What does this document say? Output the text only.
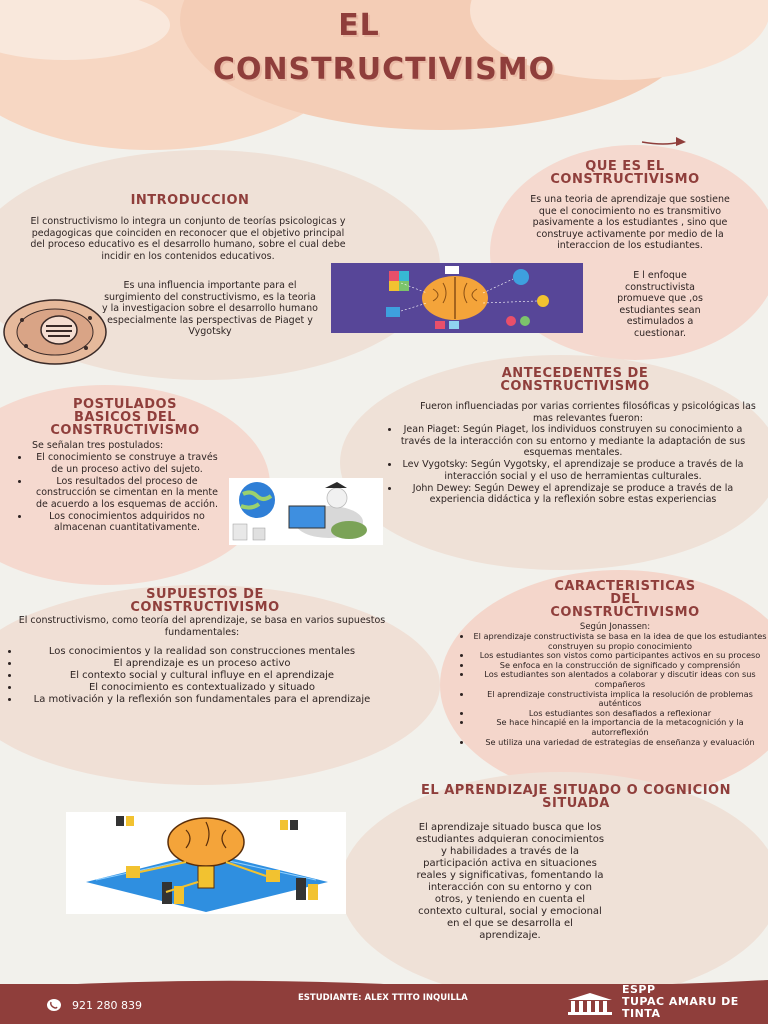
EL
CONSTRUCTIVISMO
INTRODUCCION
El constructivismo lo integra un conjunto de teorías psicologicas y pedagogicas que coinciden en reconocer que el objetivo principal del proceso educativo es el desarrollo humano, sobre el cual debe incidir en los contenidos educativos.
Es una influencia importante para el surgimiento del constructivismo, es la teoria y la investigacion sobre el desarrollo humano especialmente las perspectivas de Piaget y Vygotsky
QUE ES EL CONSTRUCTIVISMO
Es una teoria de aprendizaje que sostiene que el conocimiento no es transmitivo pasivamente a los estudiantes , sino que construye activamente por medio de la interaccion de los estudiantes.
E l enfoque constructivista promueve que ,os estudiantes sean estimulados a cuestionar.
ANTECEDENTES DE CONSTRUCTIVISMO
Fueron influenciadas por varias corrientes filosóficas y psicológicas las mas relevantes fueron:
• Jean Piaget: Según Piaget, los individuos construyen su conocimiento a través de la interacción con su entorno y mediante la adaptación de sus esquemas mentales.
• Lev Vygotsky: Según Vygotsky, el aprendizaje se produce a través de la interacción social y el uso de herramientas culturales.
• John Dewey: Según Dewey el aprendizaje se produce a través de la experiencia didáctica y la reflexión sobre estas experiencias
POSTULADOS BASICOS DEL CONSTRUCTIVISMO
Se señalan tres postulados:
• El conocimiento se construye a través de un proceso activo del sujeto.
• Los resultados del proceso de construcción se cimentan en la mente de acuerdo a los esquemas de acción.
• Los conocimientos adquiridos no almacenan cuantitativamente.
SUPUESTOS DE CONSTRUCTIVISMO
El constructivismo, como teoría del aprendizaje, se basa en varios supuestos fundamentales:
• Los conocimientos y la realidad son construcciones mentales
• El aprendizaje es un proceso activo
• El contexto social y cultural influye en el aprendizaje
• El conocimiento es contextualizado y situado
• La motivación y la reflexión son fundamentales para el aprendizaje
CARACTERISTICAS DEL CONSTRUCTIVISMO
Según Jonassen:
• El aprendizaje constructivista se basa en la idea de que los estudiantes construyen su propio conocimiento
• Los estudiantes son vistos como participantes activos en su proceso
• Se enfoca en la construcción de significado y comprensión
• Los estudiantes son alentados a colaborar y discutir ideas con sus compañeros
• El aprendizaje constructivista implica la resolución de problemas auténticos
• Los estudiantes son desafiados a reflexionar
• Se hace hincapié en la importancia de la metacognición y la autorreflexión
• Se utiliza una variedad de estrategias de enseñanza y evaluación
EL APRENDIZAJE SITUADO O COGNICION SITUADA
El aprendizaje situado busca que los estudiantes adquieran conocimientos y habilidades a través de la participación activa en situaciones reales y significativas, fomentando la interacción con su entorno y con otros, y teniendo en cuenta el contexto cultural, social y emocional en el que se desarrolla el aprendizaje.
921 280 839
ESTUDIANTE: ALEX TTITO INQUILLA
ESPP
TUPAC AMARU DE
TINTA
